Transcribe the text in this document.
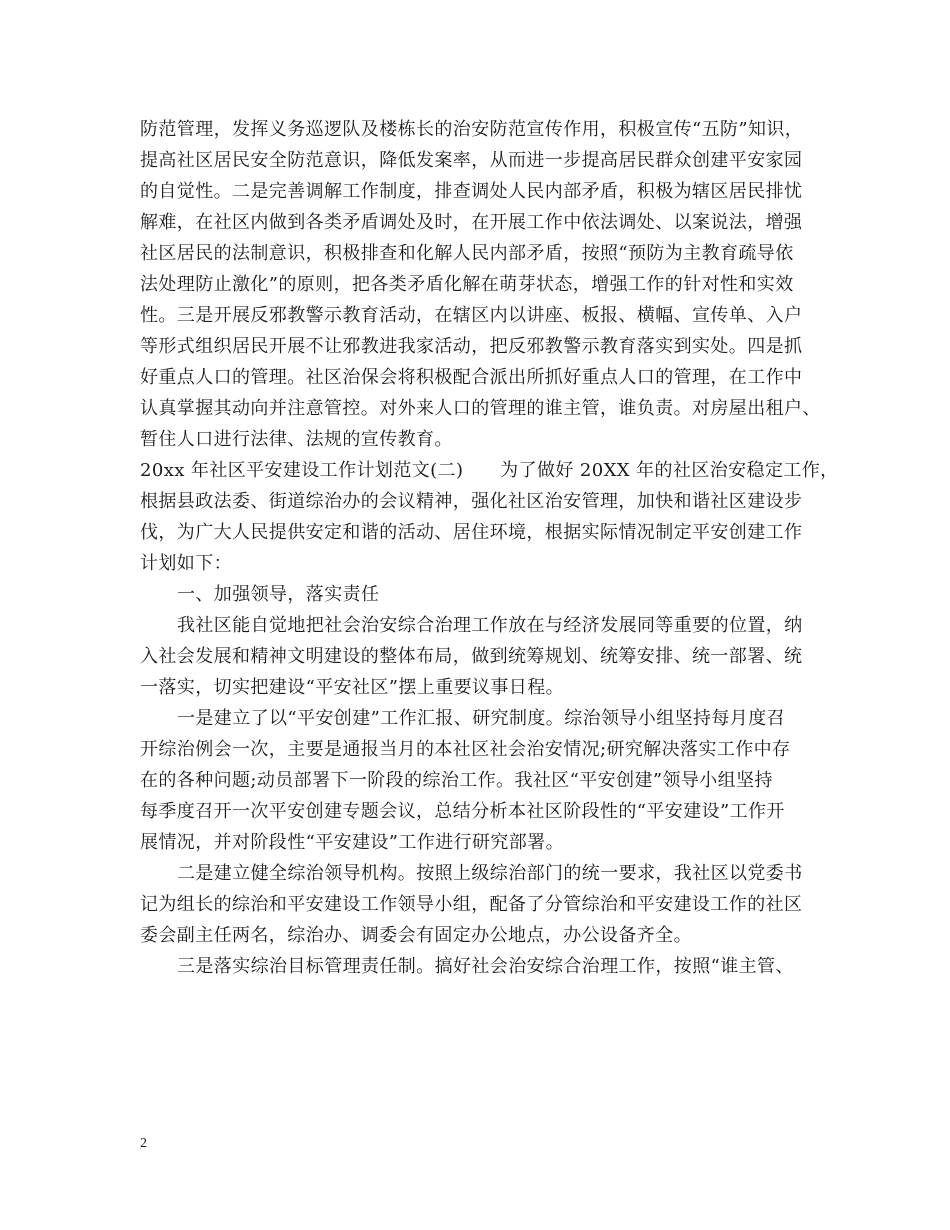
防范管理，发挥义务巡逻队及楼栋长的治安防范宣传作用，积极宣传“五防”知识，
提高社区居民安全防范意识，降低发案率，从而进一步提高居民群众创建平安家园
的自觉性。二是完善调解工作制度，排查调处人民内部矛盾，积极为辖区居民排忧
解难，在社区内做到各类矛盾调处及时，在开展工作中依法调处、以案说法，增强
社区居民的法制意识，积极排查和化解人民内部矛盾，按照“预防为主教育疏导依
法处理防止激化”的原则，把各类矛盾化解在萌芽状态，增强工作的针对性和实效
性。三是开展反邪教警示教育活动，在辖区内以讲座、板报、横幅、宣传单、入户
等形式组织居民开展不让邪教进我家活动，把反邪教警示教育落实到实处。四是抓
好重点人口的管理。社区治保会将积极配合派出所抓好重点人口的管理，在工作中
认真掌握其动向并注意管控。对外来人口的管理的谁主管，谁负责。对房屋出租户、
暂住人口进行法律、法规的宣传教育。
20xx 年社区平安建设工作计划范文(二)　　为了做好 20XX 年的社区治安稳定工作，
根据县政法委、街道综治办的会议精神，强化社区治安管理，加快和谐社区建设步
伐，为广大人民提供安定和谐的活动、居住环境，根据实际情况制定平安创建工作
计划如下：
一、加强领导，落实责任
我社区能自觉地把社会治安综合治理工作放在与经济发展同等重要的位置，纳
入社会发展和精神文明建设的整体布局，做到统筹规划、统筹安排、统一部署、统
一落实，切实把建设“平安社区”摆上重要议事日程。
一是建立了以“平安创建”工作汇报、研究制度。综治领导小组坚持每月度召
开综治例会一次，主要是通报当月的本社区社会治安情况;研究解决落实工作中存
在的各种问题;动员部署下一阶段的综治工作。我社区“平安创建”领导小组坚持
每季度召开一次平安创建专题会议，总结分析本社区阶段性的“平安建设”工作开
展情况，并对阶段性“平安建设”工作进行研究部署。
二是建立健全综治领导机构。按照上级综治部门的统一要求，我社区以党委书
记为组长的综治和平安建设工作领导小组，配备了分管综治和平安建设工作的社区
委会副主任两名，综治办、调委会有固定办公地点，办公设备齐全。
三是落实综治目标管理责任制。搞好社会治安综合治理工作，按照“谁主管、
2
